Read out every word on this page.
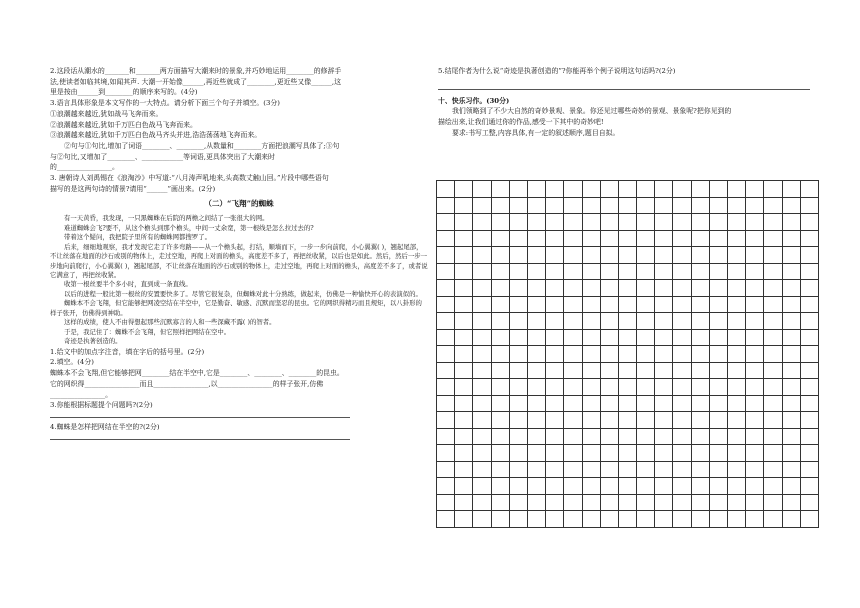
2.这段话从潮水的_______和_______两方面描写大潮来时的景象,并巧妙地运用________的修辞手
法,使读者如临其境,如闻其声. 大潮一开始像______,再近些就成了________,更近些又像______,这
里是按由______到________的顺序来写的。(4分)
3.语言具体形象是本文写作的一大特点。请分析下面三个句子并填空。(3分)
①浪潮越来越近,犹如战马飞奔而来。
②浪潮越来越近,犹如千万匹白色战马飞奔而来。
③浪潮越来越近,犹如千万匹白色战马齐头并进,浩浩荡荡地飞奔而来。
②句与①句比,增加了词语________、________,从数量和________方面把浪潮写具体了;③句
与②句比,又增加了________、____________等词语,更具体突出了大潮来时
的________________。
3. 唐朝诗人刘禹锡在《浪淘沙》中写道:“八月涛声吼地来,头高数丈触山回。”片段中哪些语句
描写的是这两句诗的情景?请用“______”画出来。(2分)
（二）“飞翔”的蜘蛛

有一天黄昏，我发现，一只黑蜘蛛在后院的两檐之间结了一张很大的网。

难道蜘蛛会飞?要不，从这个檐头到那个檐头，中间一丈余宽，第一根线是怎么拉过去的?

带着这个疑问，我把院子里所有的蜘蛛网都搜罗了。

后来，细细地观察，我才发现它走了许多弯路——从一个檐头起，打结，顺墙而下，一步一步向前爬，小心翼翼( )，翘起尾部，不让丝落在地面的沙石或别的物体上，走过空地，再爬上对面的檐头，高度差不多了，再把丝收紧，以后也是如此。然后，然后一步一步地向前爬行，小心翼翼( )，翘起尾部，不让丝落在地面的沙石或别的物体上，走过空地，再爬上对面的檐头，高度差不多了，或者说它满意了，再把丝收紧。

收第一根丝要半个多小时，直到成一条直线。

以后的进程一般比第一根丝的安置要快多了。尽管它很复杂，但蜘蛛对此十分熟练，做起来，仿佛是一种愉快开心的表演似的。

蜘蛛本不会飞翔，但它能够把网凌空结在半空中，它是勤奋、敏感、沉默而坚忍的昆虫。它的网织得精巧而且规矩，以八卦形的样子张开，仿佛得到神助。

这样的成绩，使人不由得想起那些沉默寡言的人和一些深藏不露( )的智者。

于是，我记住了：蜘蛛不会飞翔，但它照样把网结在空中。

奇迹是执著创造的。

1.给文中的加点字注音，填在字后的括号里。(2分)
2.填空。(4分)
蜘蛛本不会飞翔,但它能够把网________结在半空中,它是________、________、________的昆虫。
它的网织得________________而且________________,以________________的样子张开,仿佛
________________。
3.你能根据标题提个问题吗?(2分)
4.蜘蛛是怎样把网结在半空的?(2分)
5.结尾作者为什么说“奇迹是执著创造的”?你能再举个例子说明这句话吗?(2分)
十、快乐习作。(30分)
我们领略到了不少大自然的奇妙景观、景象。你还见过哪些奇妙的景观、景象呢?把你见到的
描绘出来,让我们通过你的作品,感受一下其中的奇妙吧!
要求:书写工整,内容具体,有一定的叙述顺序,题目自拟。
